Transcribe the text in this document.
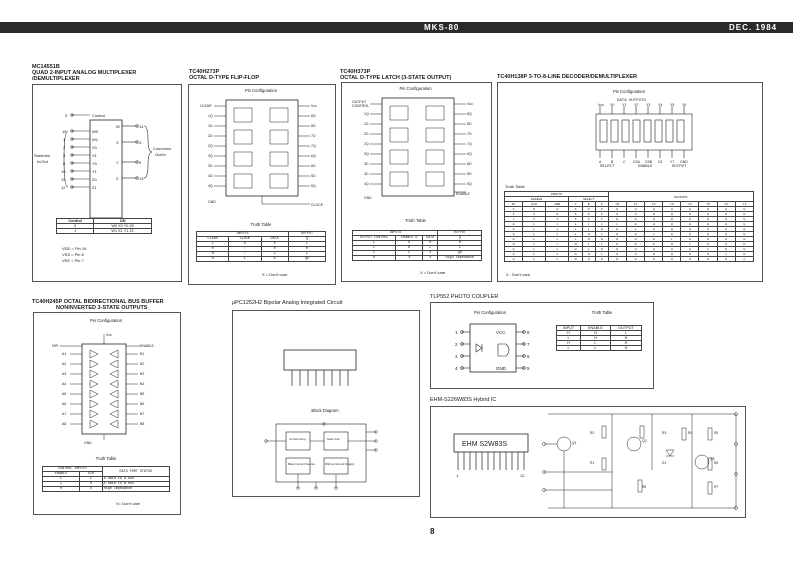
MKS-80	DEC. 1984
MC14551B
QUAD 2-INPUT ANALOG MULTIPLEXER
/DEMULTIPLEXER
9	Control
15	W0
1	W1
2	X0
3	X1
6	Y0
10	Y1
11	Z0
12	Z1
W	14
X	4
Y	5
Z	13
Switches
In/Out
Commons
Out/In
Control	ON
0	W0 X0 Y0 Z0
1	W1 X1 Y1 Z1
VDD = Pin 16
VSS = Pin 8
VEE = Pin 7
TC40H273P
OCTAL D-TYPE FLIP-FLOP
Pin Configuration
CLEAR
1Q
1D
2D
2Q
3Q
3D
4D
4Q
Vcc
8Q
8D
7D
7Q
6Q
6D
5D
5Q
GND
CLOCK
Truth Table
INPUTS			OUTPUT
CLEAR	CLOCK	DATA	Q
L	X	X	L
H	↑	H	H
H	↑	L	L
H	L	X	Q0
X = Don't care
TC40H373P
OCTAL D-TYPE LATCH (3-STATE OUTPUT)
Pin Configuration
OUTPUT
CONTROL
1Q
1D
2D
2Q
3Q
3D
4D
4Q
GND
Vcc
8Q
8D
7D
7Q
6Q
6D
5D
5Q
ENABLE
Truth Table
INPUTS			OUTPUT
OUTPUT CONTROL	ENABLE G	DATA	Q
L	H	H	H
L	H	L	L
L	L	X	Q0
H	X	X	High Impedance
X = Don't care
TC40H138P 3-TO-8-LINE DECODER/DEMULTIPLEXER
Pin Configuration
DATA OUTPUTS
Vcc Y0 Y1 Y2 Y3 Y4 Y5 Y6
A	B	C G2A G2B G1 Y7 GND
SELECT	ENABLE	OUTPUT
Truth Table
INPUTS						OUTPUTS							
ENABLE			SELECT										
G1	G2A	G2B	C	B	A	Y0	Y1	Y2	Y3	Y4	Y5	Y6	Y7
X	H	X	X	X	X	H	H	H	H	H	H	H	H
X	X	H	X	X	X	H	H	H	H	H	H	H	H
L	X	X	X	X	X	H	H	H	H	H	H	H	H
H	L	L	L	L	L	L	H	H	H	H	H	H	H
H	L	L	L	L	H	H	L	H	H	H	H	H	H
H	L	L	L	H	L	H	H	L	H	H	H	H	H
H	L	L	L	H	H	H	H	H	L	H	H	H	H
H	L	L	H	L	L	H	H	H	H	L	H	H	H
H	L	L	H	L	H	H	H	H	H	H	L	H	H
H	L	L	H	H	L	H	H	H	H	H	H	L	H
H	L	L	H	H	H	H	H	H	H	H	H	H	L
X : Don't care
TC40H245P OCTAL BIDIRECTIONAL BUS BUFFER
NONINVERTED 3-STATE OUTPUTS
Pin Configuration
Vcc
DIR	ENABLE
A1
A2
A3
A4
A5
A6
A7
A8
B1
B2
B3
B4
B5
B6
B7
B8
GND
Truth Table
CONTROL INPUTS		DATA PORT STATUS
ENABLE	DIR	
L	L	B data to A bus
L	H	A data to B bus
H	X	High Impedance
X= Don't care
μPC1252H2 Bipolar Analog Integrated Circuit
Block Diagram
Current Amp	Gain Cell
Bias Current Source	Wiring Current Supply
TLP552 PHOTO COUPLER
Pin Configuration	Truth Table
1
2
3
4
8
7
6
5
VCC
GND
INPUT	ENABLE	OUTPUT
H	H	L
L	H	H
H	L	H
L	L	H
EHM-S226W83S Hybrid IC
EHM S2W83S
1	12
Q1
R2
Q2
R3
D1
R4	R5
R6
Q3
R7
R1
R8
8
